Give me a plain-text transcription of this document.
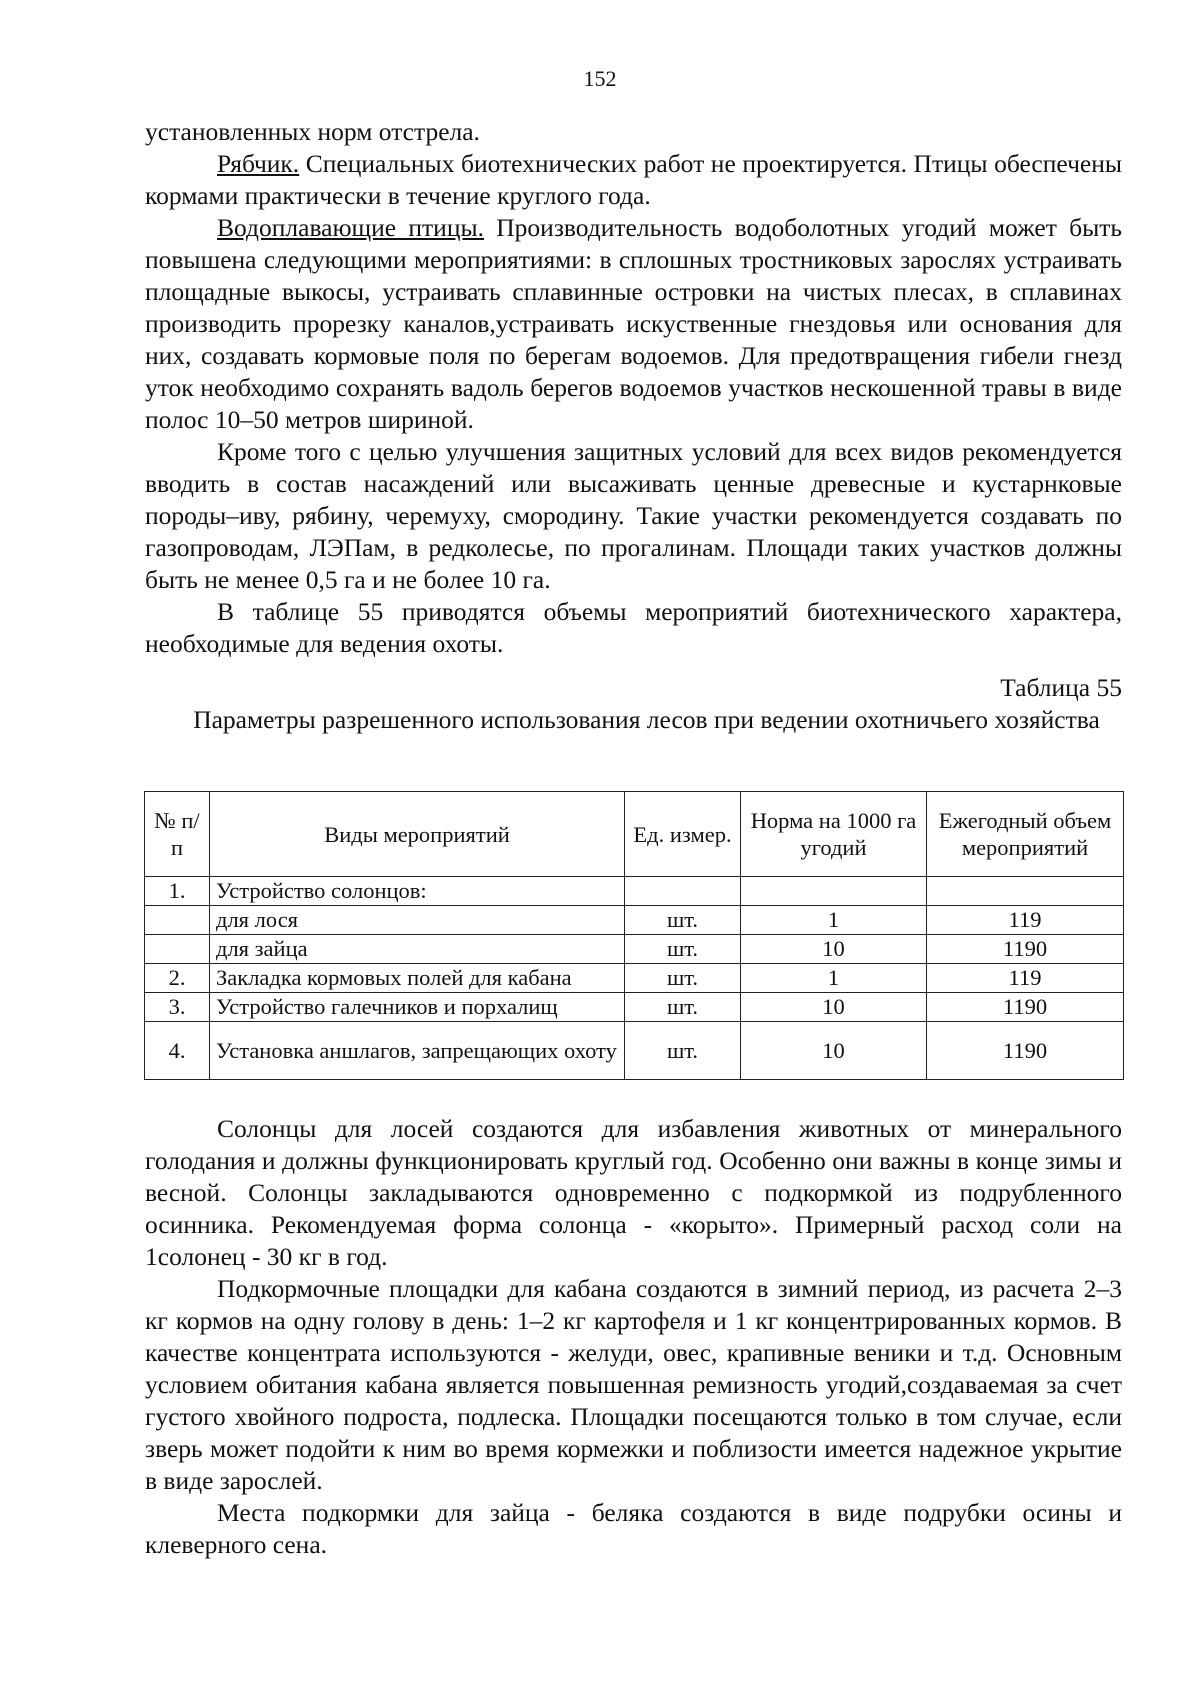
152

установленных норм отстрела.

Рябчик. Специальных биотехнических работ не проектируется. Птицы обеспечены кормами практически в течение круглого года.

Водоплавающие птицы. Производительность водоболотных угодий может быть повышена следующими мероприятиями: в сплошных тростниковых зарослях устраивать площадные выкосы, устраивать сплавинные островки на чистых плесах, в сплавинах производить прорезку каналов,устраивать искуственные гнездовья или основания для них, создавать кормовые поля по берегам водоемов. Для предотвращения гибели гнезд уток необходимо сохранять вадоль берегов водоемов участков нескошенной травы в виде полос 10–50 метров шириной.

Кроме того с целью улучшения защитных условий для всех видов рекомендуется вводить в состав насаждений или высаживать ценные древесные и кустарнковые породы–иву, рябину, черемуху, смородину. Такие участки рекомендуется создавать по газопроводам, ЛЭПам, в редколесье, по прогалинам. Площади таких участков должны быть не менее 0,5 га и не более 10 га.

В таблице 55 приводятся объемы мероприятий биотехнического характера, необходимые для ведения охоты.

Таблица 55
Параметры разрешенного использования лесов при ведении охотничьего хозяйства
№ п/п	Виды мероприятий	Ед. измер.	Норма на 1000 га угодий	Ежегодный объем мероприятий
1.	Устройство солонцов:			
	для лося	шт.	1	119
	для зайца	шт.	10	1190
2.	Закладка кормовых полей для кабана	шт.	1	119
3.	Устройство галечников и порхалищ	шт.	10	1190
4.	Установка аншлагов, запрещающих охоту	шт.	10	1190

Солонцы для лосей создаются для избавления животных от минерального голодания и должны функционировать круглый год. Особенно они важны в конце зимы и весной. Солонцы закладываются одновременно с подкормкой из подрубленного осинника. Рекомендуемая форма солонца - «корыто». Примерный расход соли на 1солонец - 30 кг в год.

Подкормочные площадки для кабана создаются в зимний период, из расчета 2–3 кг кормов на одну голову в день: 1–2 кг картофеля и 1 кг концентрированных кормов. В качестве концентрата используются - желуди, овес, крапивные веники и т.д. Основным условием обитания кабана является повышенная ремизность угодий,создаваемая за счет густого хвойного подроста, подлеска. Площадки посещаются только в том случае, если зверь может подойти к ним во время кормежки и поблизости имеется надежное укрытие в виде зарослей.

Места подкормки для зайца - беляка создаются в виде подрубки осины и клеверного сена.
